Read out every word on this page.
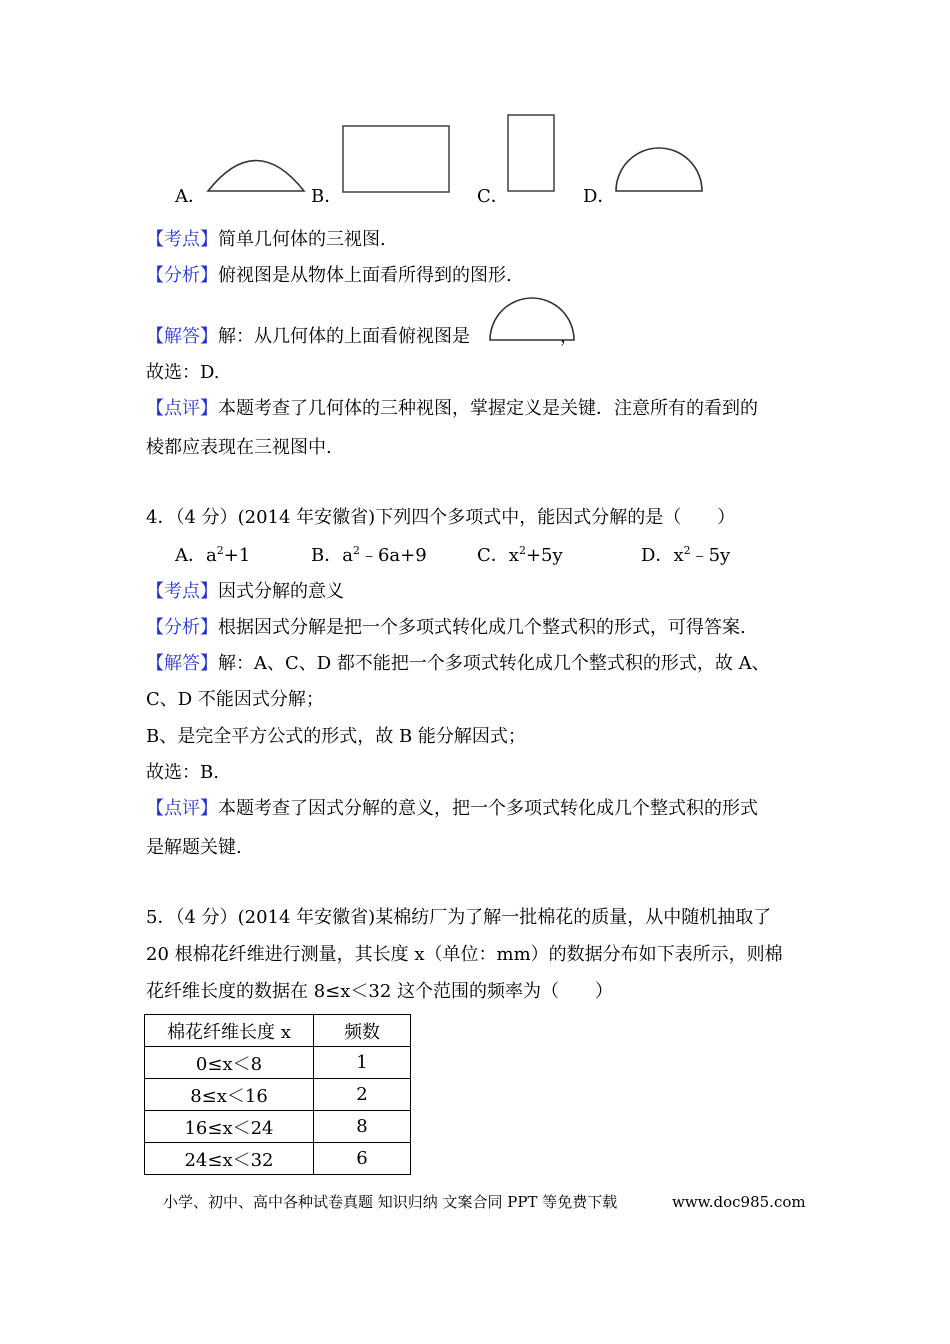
A．	B．	C．	D．
【考点】简单几何体的三视图.
【分析】俯视图是从物体上面看所得到的图形.
【解答】解：从几何体的上面看俯视图是	，
故选：D.
【点评】本题考查了几何体的三种视图，掌握定义是关键．注意所有的看到的
棱都应表现在三视图中.
4．（4 分）(2014 年安徽省)下列四个多项式中，能因式分解的是（　　）
A．$a^2+1$	B．$a^2﹣6a+9$	C．$x^2+5y$	D．$x^2﹣5y$
【考点】因式分解的意义
【分析】根据因式分解是把一个多项式转化成几个整式积的形式，可得答案.
【解答】解：A、C、D 都不能把一个多项式转化成几个整式积的形式，故 A、
C、D 不能因式分解；
B、是完全平方公式的形式，故 B 能分解因式；
故选：B.
【点评】本题考查了因式分解的意义，把一个多项式转化成几个整式积的形式
是解题关键.
5．（4 分）(2014 年安徽省)某棉纺厂为了解一批棉花的质量，从中随机抽取了
20 根棉花纤维进行测量，其长度 x（单位：mm）的数据分布如下表所示，则棉
花纤维长度的数据在 8≤x＜32 这个范围的频率为（　　）
棉花纤维长度 x	频数
0≤x＜8	1
8≤x＜16	2
16≤x＜24	8
24≤x＜32	6
小学、初中、高中各种试卷真题 知识归纳 文案合同 PPT 等免费下载	www.doc985.com
